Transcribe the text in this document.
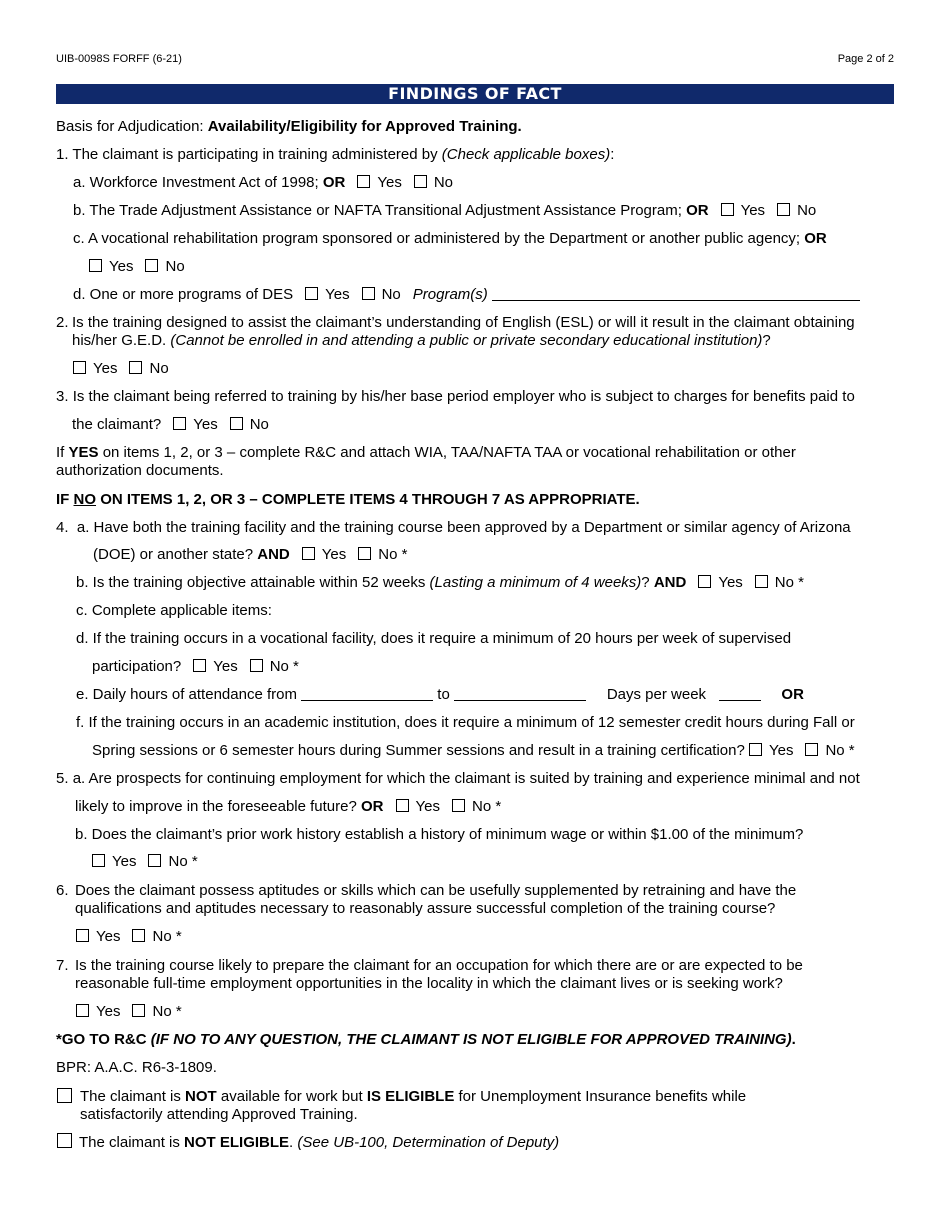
UIB-0098S FORFF (6-21)	Page 2 of 2
FINDINGS OF FACT
Basis for Adjudication: Availability/Eligibility for Approved Training.
1. The claimant is participating in training administered by (Check applicable boxes):
a. Workforce Investment Act of 1998; OR Yes No
b. The Trade Adjustment Assistance or NAFTA Transitional Adjustment Assistance Program; OR Yes No
c. A vocational rehabilitation program sponsored or administered by the Department or another public agency; OR
Yes No
d. One or more programs of DES Yes No Program(s)
2. Is the training designed to assist the claimant’s understanding of English (ESL) or will it result in the claimant obtaining his/her G.E.D. (Cannot be enrolled in and attending a public or private secondary educational institution)?
Yes No
3. Is the claimant being referred to training by his/her base period employer who is subject to charges for benefits paid to
the claimant? Yes No
If YES on items 1, 2, or 3 – complete R&C and attach WIA, TAA/NAFTA TAA or vocational rehabilitation or other authorization documents.
IF NO ON ITEMS 1, 2, OR 3 – COMPLETE ITEMS 4 THROUGH 7 AS APPROPRIATE.
4. a. Have both the training facility and the training course been approved by a Department or similar agency of Arizona
(DOE) or another state? AND Yes No *
b. Is the training objective attainable within 52 weeks (Lasting a minimum of 4 weeks)? AND Yes No *
c. Complete applicable items:
d. If the training occurs in a vocational facility, does it require a minimum of 20 hours per week of supervised
participation? Yes No *
e. Daily hours of attendance from	to	Days per week	OR
f. If the training occurs in an academic institution, does it require a minimum of 12 semester credit hours during Fall or
Spring sessions or 6 semester hours during Summer sessions and result in a training certification? Yes No *
5. a. Are prospects for continuing employment for which the claimant is suited by training and experience minimal and not
likely to improve in the foreseeable future? OR Yes No *
b. Does the claimant’s prior work history establish a history of minimum wage or within $1.00 of the minimum?
Yes No *
6. Does the claimant possess aptitudes or skills which can be usefully supplemented by retraining and have the qualifications and aptitudes necessary to reasonably assure successful completion of the training course?
Yes No *
7. Is the training course likely to prepare the claimant for an occupation for which there are or are expected to be reasonable full-time employment opportunities in the locality in which the claimant lives or is seeking work?
Yes No *
*GO TO R&C (IF NO TO ANY QUESTION, THE CLAIMANT IS NOT ELIGIBLE FOR APPROVED TRAINING).
BPR: A.A.C. R6-3-1809.
The claimant is NOT available for work but IS ELIGIBLE for Unemployment Insurance benefits while satisfactorily attending Approved Training.
The claimant is NOT ELIGIBLE. (See UB-100, Determination of Deputy)
